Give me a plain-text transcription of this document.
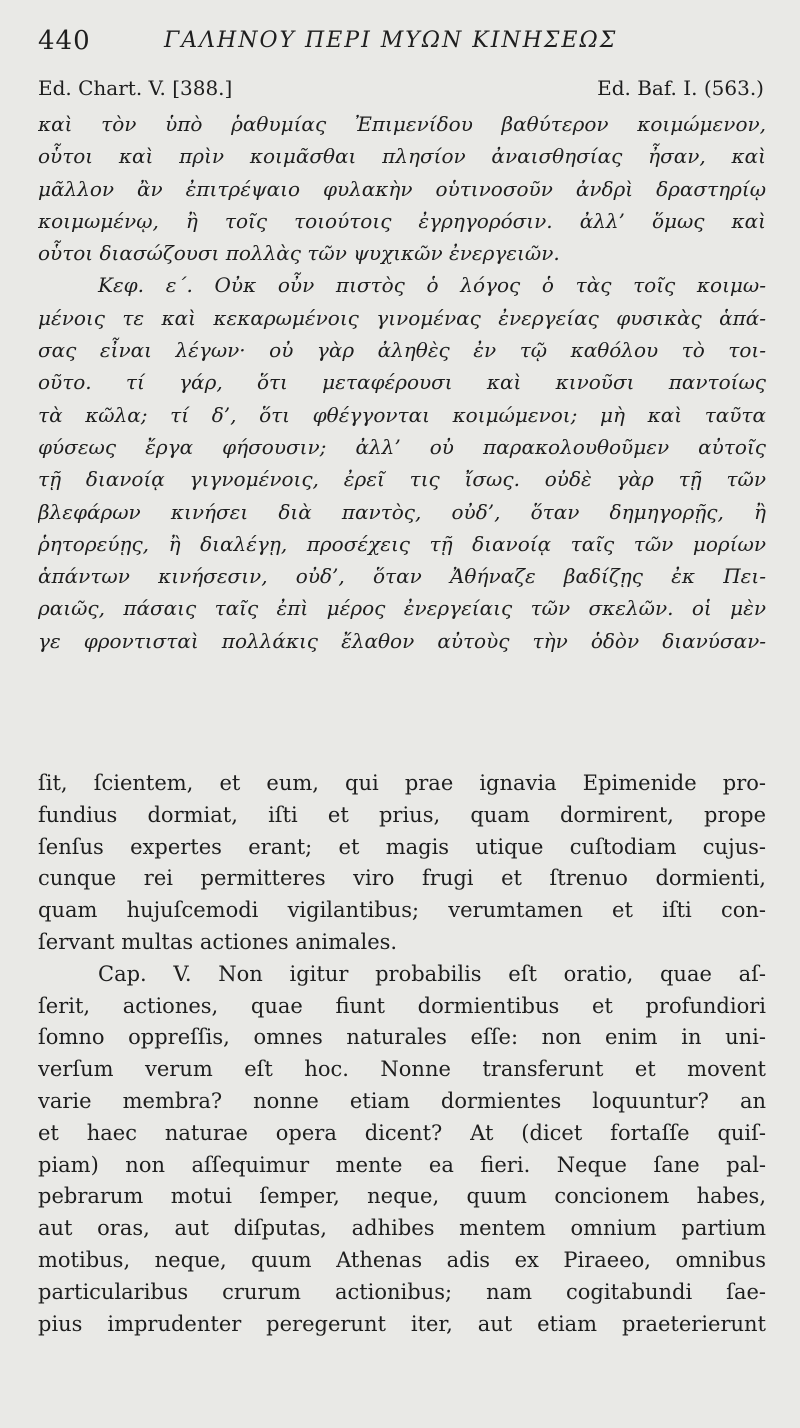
440	ΓΑΛΗΝΟΥ ΠΕΡΙ ΜΥΩΝ ΚΙΝΗΣΕΩΣ
Ed. Chart. V. [388.]	Ed. Baf. I. (563.)
καὶ τὸν ὑπὸ ῥαθυμίας Ἐπιμενίδου βαθύτερον κοιμώμενον,
οὗτοι καὶ πρὶν κοιμᾶσθαι πλησίον ἀναισθησίας ἦσαν, καὶ
μᾶλλον ἂν ἐπιτρέψαιο φυλακὴν οὑτινοσοῦν ἀνδρὶ δραστηρίῳ
κοιμωμένῳ, ἢ τοῖς τοιούτοις ἐγρηγορόσιν. ἀλλ’ ὅμως καὶ
οὗτοι διασώζουσι πολλὰς τῶν ψυχικῶν ἐνεργειῶν.
Κεφ. ε΄. Οὐκ οὖν πιστὸς ὁ λόγος ὁ τὰς τοῖς κοιμω-
μένοις τε καὶ κεκαρωμένοις γινομένας ἐνεργείας φυσικὰς ἁπά-
σας εἶναι λέγων· οὐ γὰρ ἀληθὲς ἐν τῷ καθόλου τὸ τοι-
οῦτο. τί γάρ, ὅτι μεταφέρουσι καὶ κινοῦσι παντοίως
τὰ κῶλα; τί δ’, ὅτι φθέγγονται κοιμώμενοι; μὴ καὶ ταῦτα
φύσεως ἔργα φήσουσιν; ἀλλ’ οὐ παρακολουθοῦμεν αὐτοῖς
τῇ διανοίᾳ γιγνομένοις, ἐρεῖ τις ἴσως. οὐδὲ γὰρ τῇ τῶν
βλεφάρων κινήσει διὰ παντὸς, οὐδ’, ὅταν δημηγορῇς, ἢ
ῥητορεύῃς, ἢ διαλέγῃ, προσέχεις τῇ διανοίᾳ ταῖς τῶν μορίων
ἁπάντων κινήσεσιν, οὐδ’, ὅταν Ἀθήναζε βαδίζῃς ἐκ Πει-
ραιῶς, πάσαις ταῖς ἐπὶ μέρος ἐνεργείαις τῶν σκελῶν. οἱ μὲν
γε φροντισταὶ πολλάκις ἔλαθον αὐτοὺς τὴν ὁδὸν διανύσαν-
ſit, ſcientem, et eum, qui prae ignavia Epimenide pro-
fundius dormiat, iſti et prius, quam dormirent, prope
ſenſus expertes erant; et magis utique cuſtodiam cujus-
cunque rei permitteres viro frugi et ſtrenuo dormienti,
quam hujuſcemodi vigilantibus; verumtamen et iſti con-
ſervant multas actiones animales.
Cap. V. Non igitur probabilis eſt oratio, quae aſ-
ſerit, actiones, quae fiunt dormientibus et profundiori
ſomno oppreſſis, omnes naturales eſſe: non enim in uni-
verſum verum eſt hoc. Nonne transferunt et movent
varie membra? nonne etiam dormientes loquuntur? an
et haec naturae opera dicent? At (dicet fortaſſe quiſ-
piam) non aſſequimur mente ea fieri. Neque ſane pal-
pebrarum motui ſemper, neque, quum concionem habes,
aut oras, aut diſputas, adhibes mentem omnium partium
motibus, neque, quum Athenas adis ex Piraeeo, omnibus
particularibus crurum actionibus; nam cogitabundi ſae-
pius imprudenter peregerunt iter, aut etiam praeterierunt
